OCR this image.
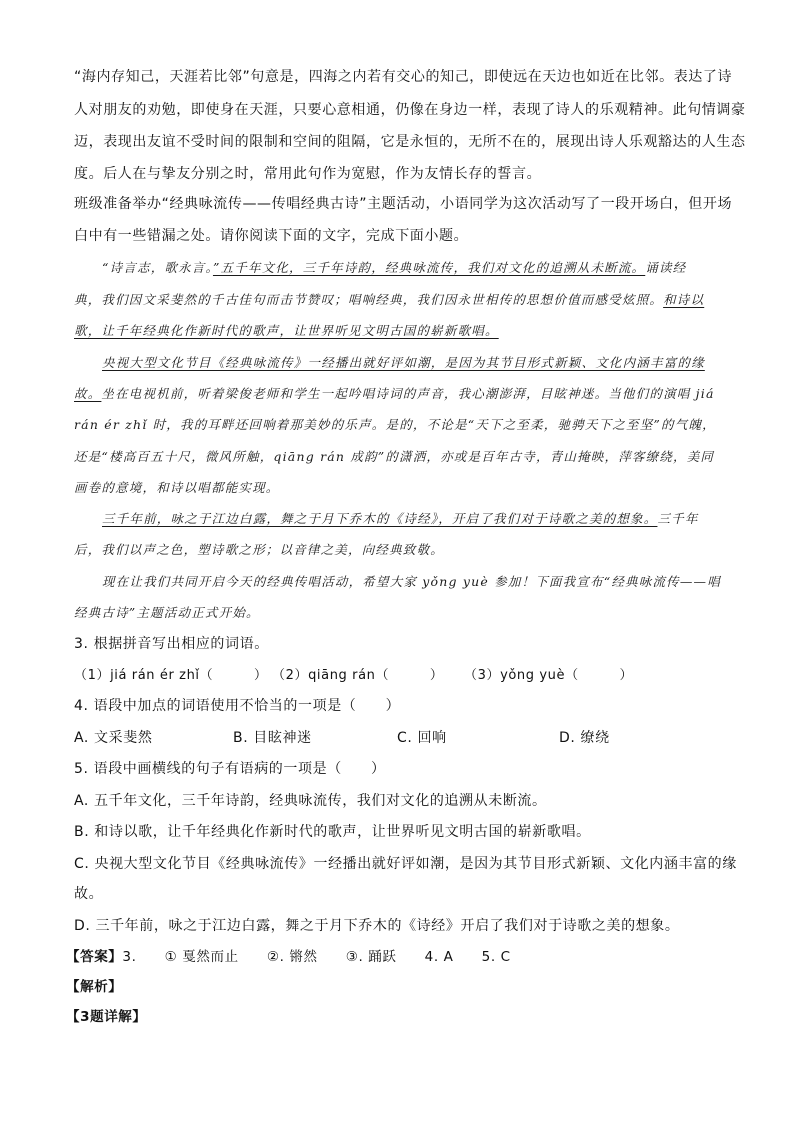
“海内存知己，天涯若比邻”句意是，四海之内若有交心的知己，即使远在天边也如近在比邻。表达了诗
人对朋友的劝勉，即使身在天涯，只要心意相通，仍像在身边一样，表现了诗人的乐观精神。此句情调豪
迈，表现出友谊不受时间的限制和空间的阻隔，它是永恒的，无所不在的，展现出诗人乐观豁达的人生态
度。后人在与挚友分别之时，常用此句作为宽慰，作为友情长存的誓言。
班级准备举办“经典咏流传——传唱经典古诗”主题活动，小语同学为这次活动写了一段开场白，但开场
白中有一些错漏之处。请你阅读下面的文字，完成下面小题。
“诗言志，歌永言。”五千年文化，三千年诗韵，经典咏流传，我们对文化的追溯从未断流。诵读经
典，我们因文采斐然的千古佳句而击节赞叹；唱响经典，我们因永世相传的思想价值而感受炫照。和诗以
歌，让千年经典化作新时代的歌声，让世界听见文明古国的崭新歌唱。
央视大型文化节目《经典咏流传》一经播出就好评如潮，是因为其节目形式新颖、文化内涵丰富的缘
故。坐在电视机前，听着梁俊老师和学生一起吟唱诗词的声音，我心潮澎湃，目眩神迷。当他们的演唱 jiá
rán ér zhǐ 时，我的耳畔还回响着那美妙的乐声。是的，不论是“天下之至柔，驰骋天下之至坚”的气魄，
还是“楼高百五十尺，微风所触，qiāng rán 成韵”的潇洒，亦或是百年古寺，青山掩映，萍客缭绕，美同
画卷的意境，和诗以唱都能实现。
三千年前，咏之于江边白露，舞之于月下乔木的《诗经》，开启了我们对于诗歌之美的想象。三千年
后，我们以声之色，塑诗歌之形；以音律之美，向经典致敬。
现在让我们共同开启今天的经典传唱活动，希望大家 yǒng yuè 参加！下面我宣布“经典咏流传——唱
经典古诗”主题活动正式开始。
3. 根据拼音写出相应的词语。
（1）jiá rán ér zhǐ（　　　） （2）qiāng rán（　　　） （3）yǒng yuè（　　　）
4. 语段中加点的词语使用不恰当的一项是（　　）
A. 文采斐然	B. 目眩神迷	C. 回响	D. 缭绕
5. 语段中画横线的句子有语病的一项是（　　）
A. 五千年文化，三千年诗韵，经典咏流传，我们对文化的追溯从未断流。
B. 和诗以歌，让千年经典化作新时代的歌声，让世界听见文明古国的崭新歌唱。
C. 央视大型文化节目《经典咏流传》一经播出就好评如潮，是因为其节目形式新颖、文化内涵丰富的缘
故。
D. 三千年前，咏之于江边白露，舞之于月下乔木的《诗经》开启了我们对于诗歌之美的想象。
【答案】3.　　① 戛然而止　　②. 锵然　　③. 踊跃　　4. A　　5. C
【解析】
【3题详解】
